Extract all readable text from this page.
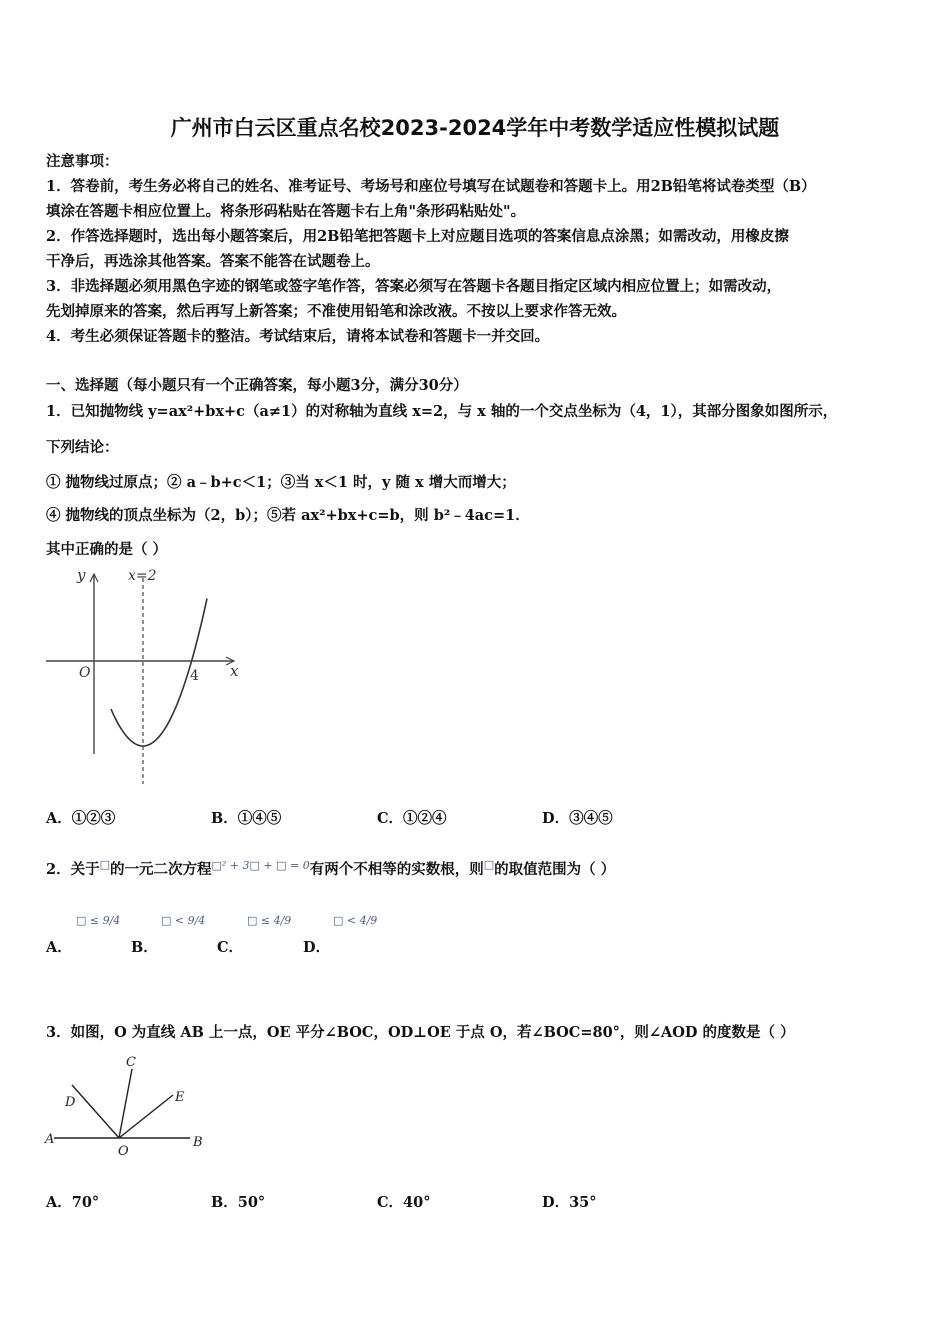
广州市白云区重点名校2023-2024学年中考数学适应性模拟试题
注意事项：
1．答卷前，考生务必将自己的姓名、准考证号、考场号和座位号填写在试题卷和答题卡上。用2B铅笔将试卷类型（B）
填涂在答题卡相应位置上。将条形码粘贴在答题卡右上角"条形码粘贴处"。
2．作答选择题时，选出每小题答案后，用2B铅笔把答题卡上对应题目选项的答案信息点涂黑；如需改动，用橡皮擦
干净后，再选涂其他答案。答案不能答在试题卷上。
3．非选择题必须用黑色字迹的钢笔或签字笔作答，答案必须写在答题卡各题目指定区域内相应位置上；如需改动，
先划掉原来的答案，然后再写上新答案；不准使用铅笔和涂改液。不按以上要求作答无效。
4．考生必须保证答题卡的整洁。考试结束后，请将本试卷和答题卡一并交回。
一、选择题（每小题只有一个正确答案，每小题3分，满分30分）
1．已知抛物线 y=ax²+bx+c（a≠1）的对称轴为直线 x=2，与 x 轴的一个交点坐标为（4，1），其部分图象如图所示，
下列结论：
① 抛物线过原点；② a﹣b+c＜1；③当 x＜1 时，y 随 x 增大而增大；
④ 抛物线的顶点坐标为（2，b）；⑤若 ax²+bx+c=b，则 b²﹣4ac=1．
其中正确的是（ ）
y
x
x=2
O	4
A．①②③	B．①④⑤	C．①②④	D．③④⑤
2．关于□的一元二次方程$^{□^2 + 3□ + □ = 0}$有两个不相等的实数根，则□的取值范围为（ ）
A．
□ ≤ 9/4
B．
□ < 9/4
C．
□ ≤ 4/9
D．
□ < 4/9
3．如图，O 为直线 AB 上一点，OE 平分∠BOC，OD⊥OE 于点 O，若∠BOC=80°，则∠AOD 的度数是（ ）
A	B
C
D	E
O
A．70°	B．50°	C．40°	D．35°
